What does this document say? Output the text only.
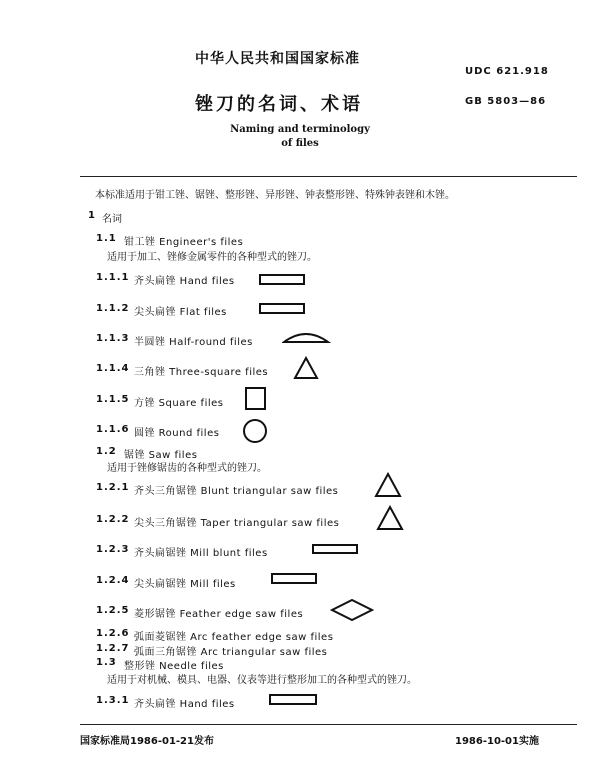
中华人民共和国国家标准
UDC 621.918
锉刀的名词、术语	GB 5803—86
Naming and terminology
of files
本标准适用于钳工锉、锯锉、整形锉、异形锉、钟表整形锉、特殊钟表锉和木锉。
1 名词
1.1 钳工锉 Engineer's files
适用于加工、锉修金属零件的各种型式的锉刀。
1.1.1 齐头扁锉 Hand files
1.1.2 尖头扁锉 Flat files
1.1.3 半圆锉 Half-round files
1.1.4 三角锉 Three-square files
1.1.5 方锉 Square files
1.1.6 圆锉 Round files
1.2 锯锉 Saw files
适用于锉修锯齿的各种型式的锉刀。
1.2.1 齐头三角锯锉 Blunt triangular saw files
1.2.2 尖头三角锯锉 Taper triangular saw files
1.2.3 齐头扁锯锉 Mill blunt files
1.2.4 尖头扁锯锉 Mill files
1.2.5 菱形锯锉 Feather edge saw files
1.2.6 弧面菱锯锉 Arc feather edge saw files
1.2.7 弧面三角锯锉 Arc triangular saw files
1.3 整形锉 Needle files
适用于对机械、模具、电器、仪表等进行整形加工的各种型式的锉刀。
1.3.1 齐头扁锉 Hand files
国家标准局1986-01-21发布	1986-10-01实施
